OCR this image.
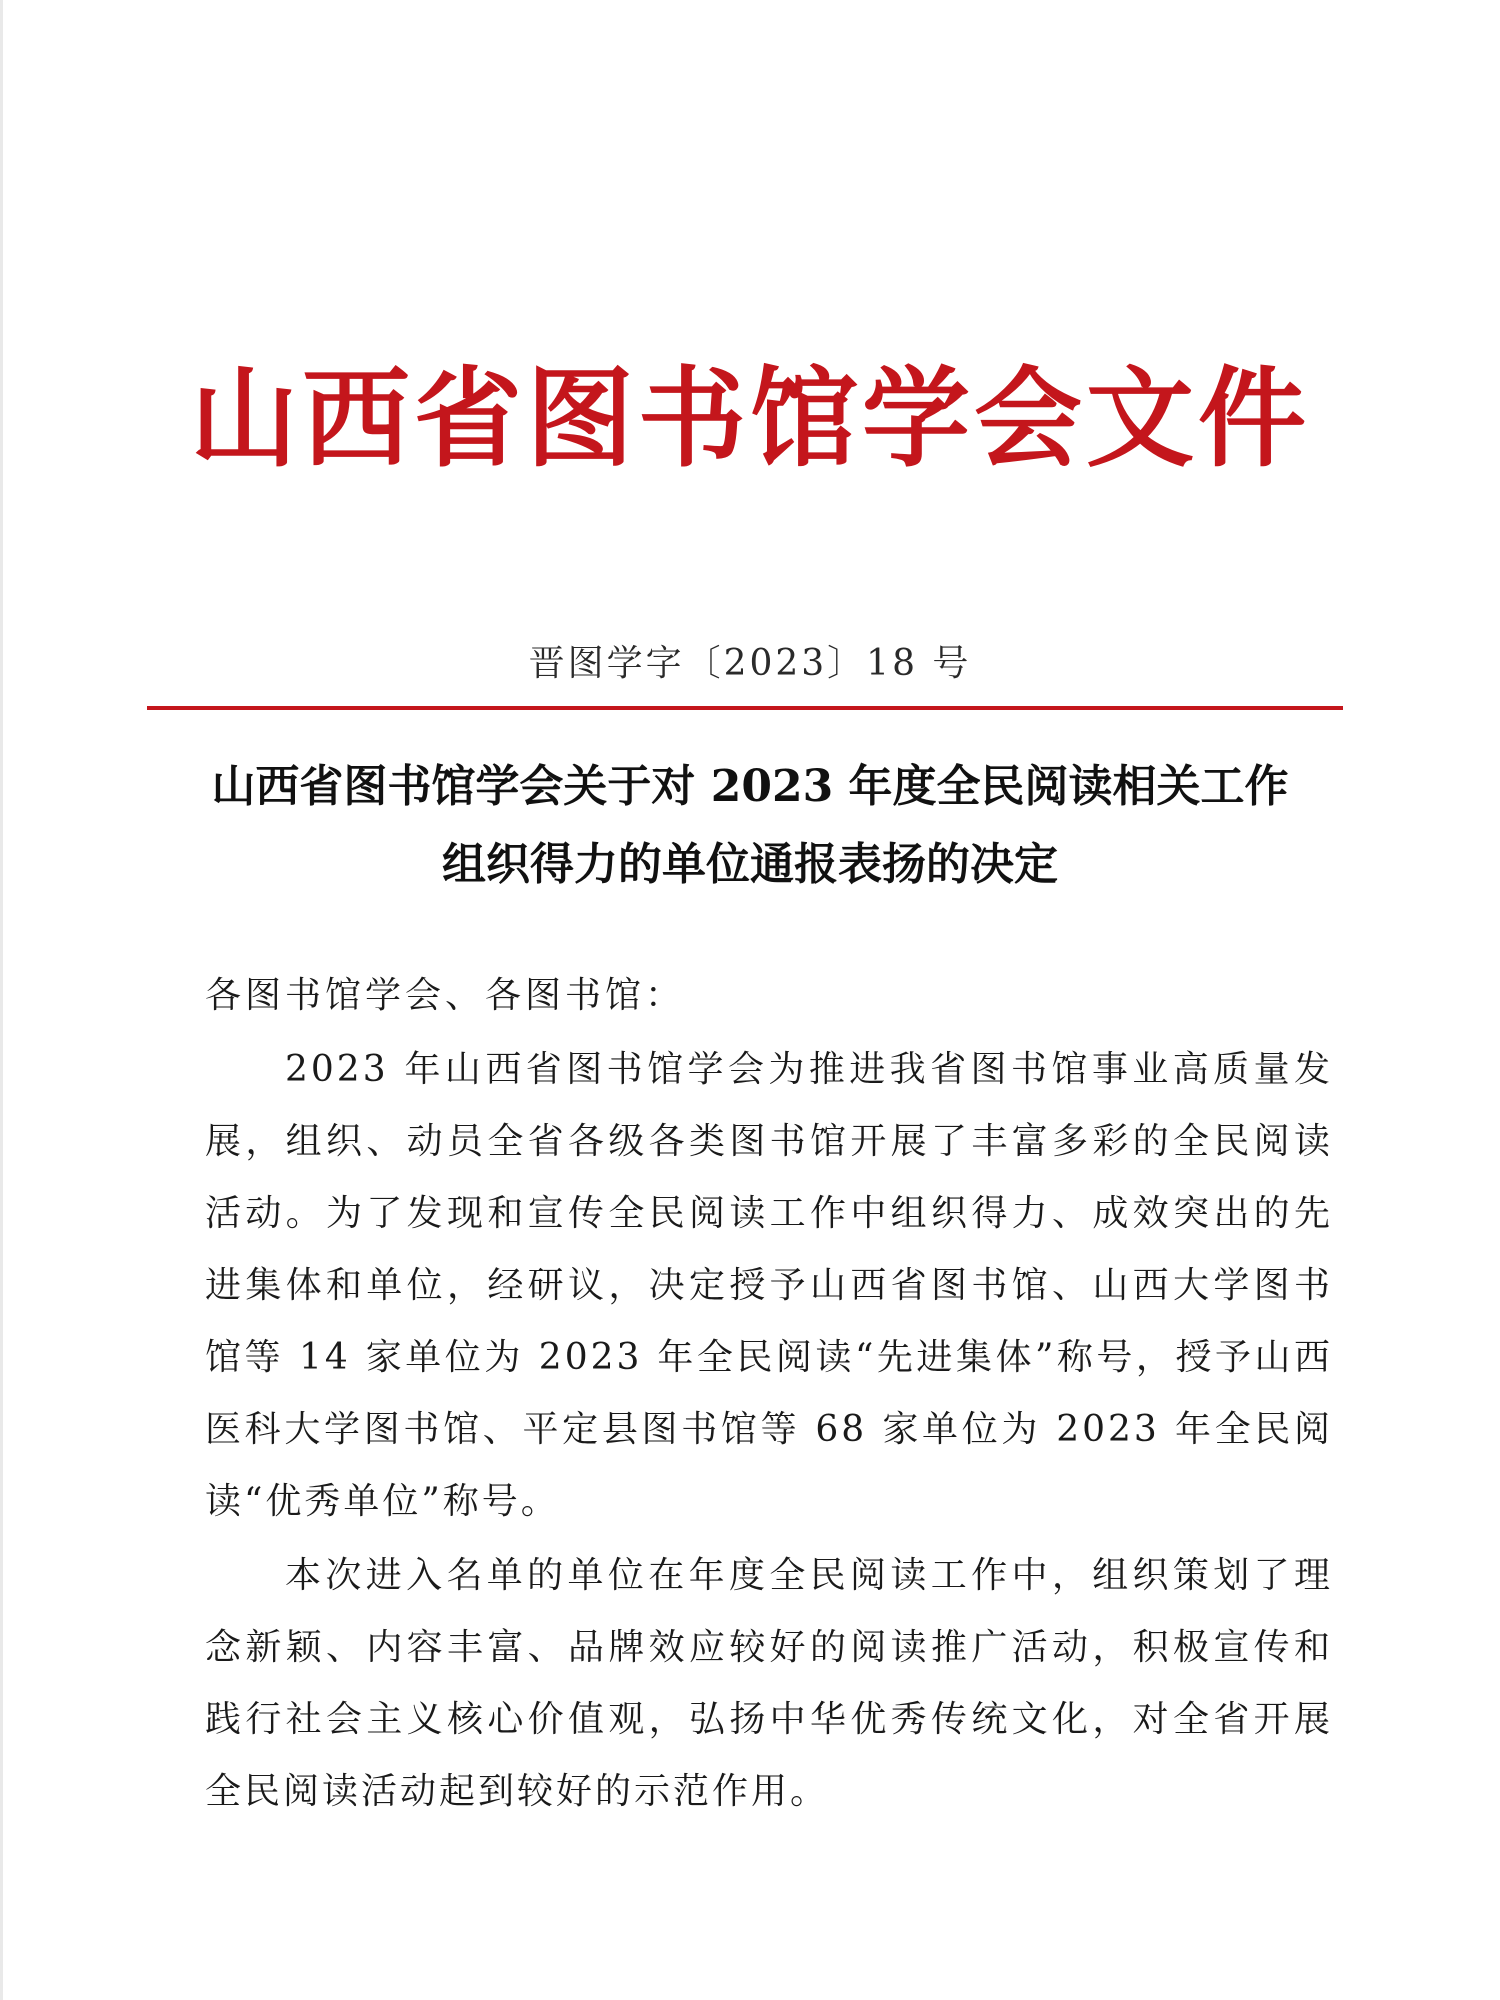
山西省图书馆学会文件
晋图学字〔2023〕18 号
山西省图书馆学会关于对 2023 年度全民阅读相关工作
组织得力的单位通报表扬的决定
各图书馆学会、各图书馆：

2023 年山西省图书馆学会为推进我省图书馆事业高质量发展，组织、动员全省各级各类图书馆开展了丰富多彩的全民阅读活动。为了发现和宣传全民阅读工作中组织得力、成效突出的先进集体和单位，经研议，决定授予山西省图书馆、山西大学图书馆等 14 家单位为 2023 年全民阅读“先进集体”称号，授予山西医科大学图书馆、平定县图书馆等 68 家单位为 2023 年全民阅读“优秀单位”称号。

本次进入名单的单位在年度全民阅读工作中，组织策划了理念新颖、内容丰富、品牌效应较好的阅读推广活动，积极宣传和践行社会主义核心价值观，弘扬中华优秀传统文化，对全省开展全民阅读活动起到较好的示范作用。
